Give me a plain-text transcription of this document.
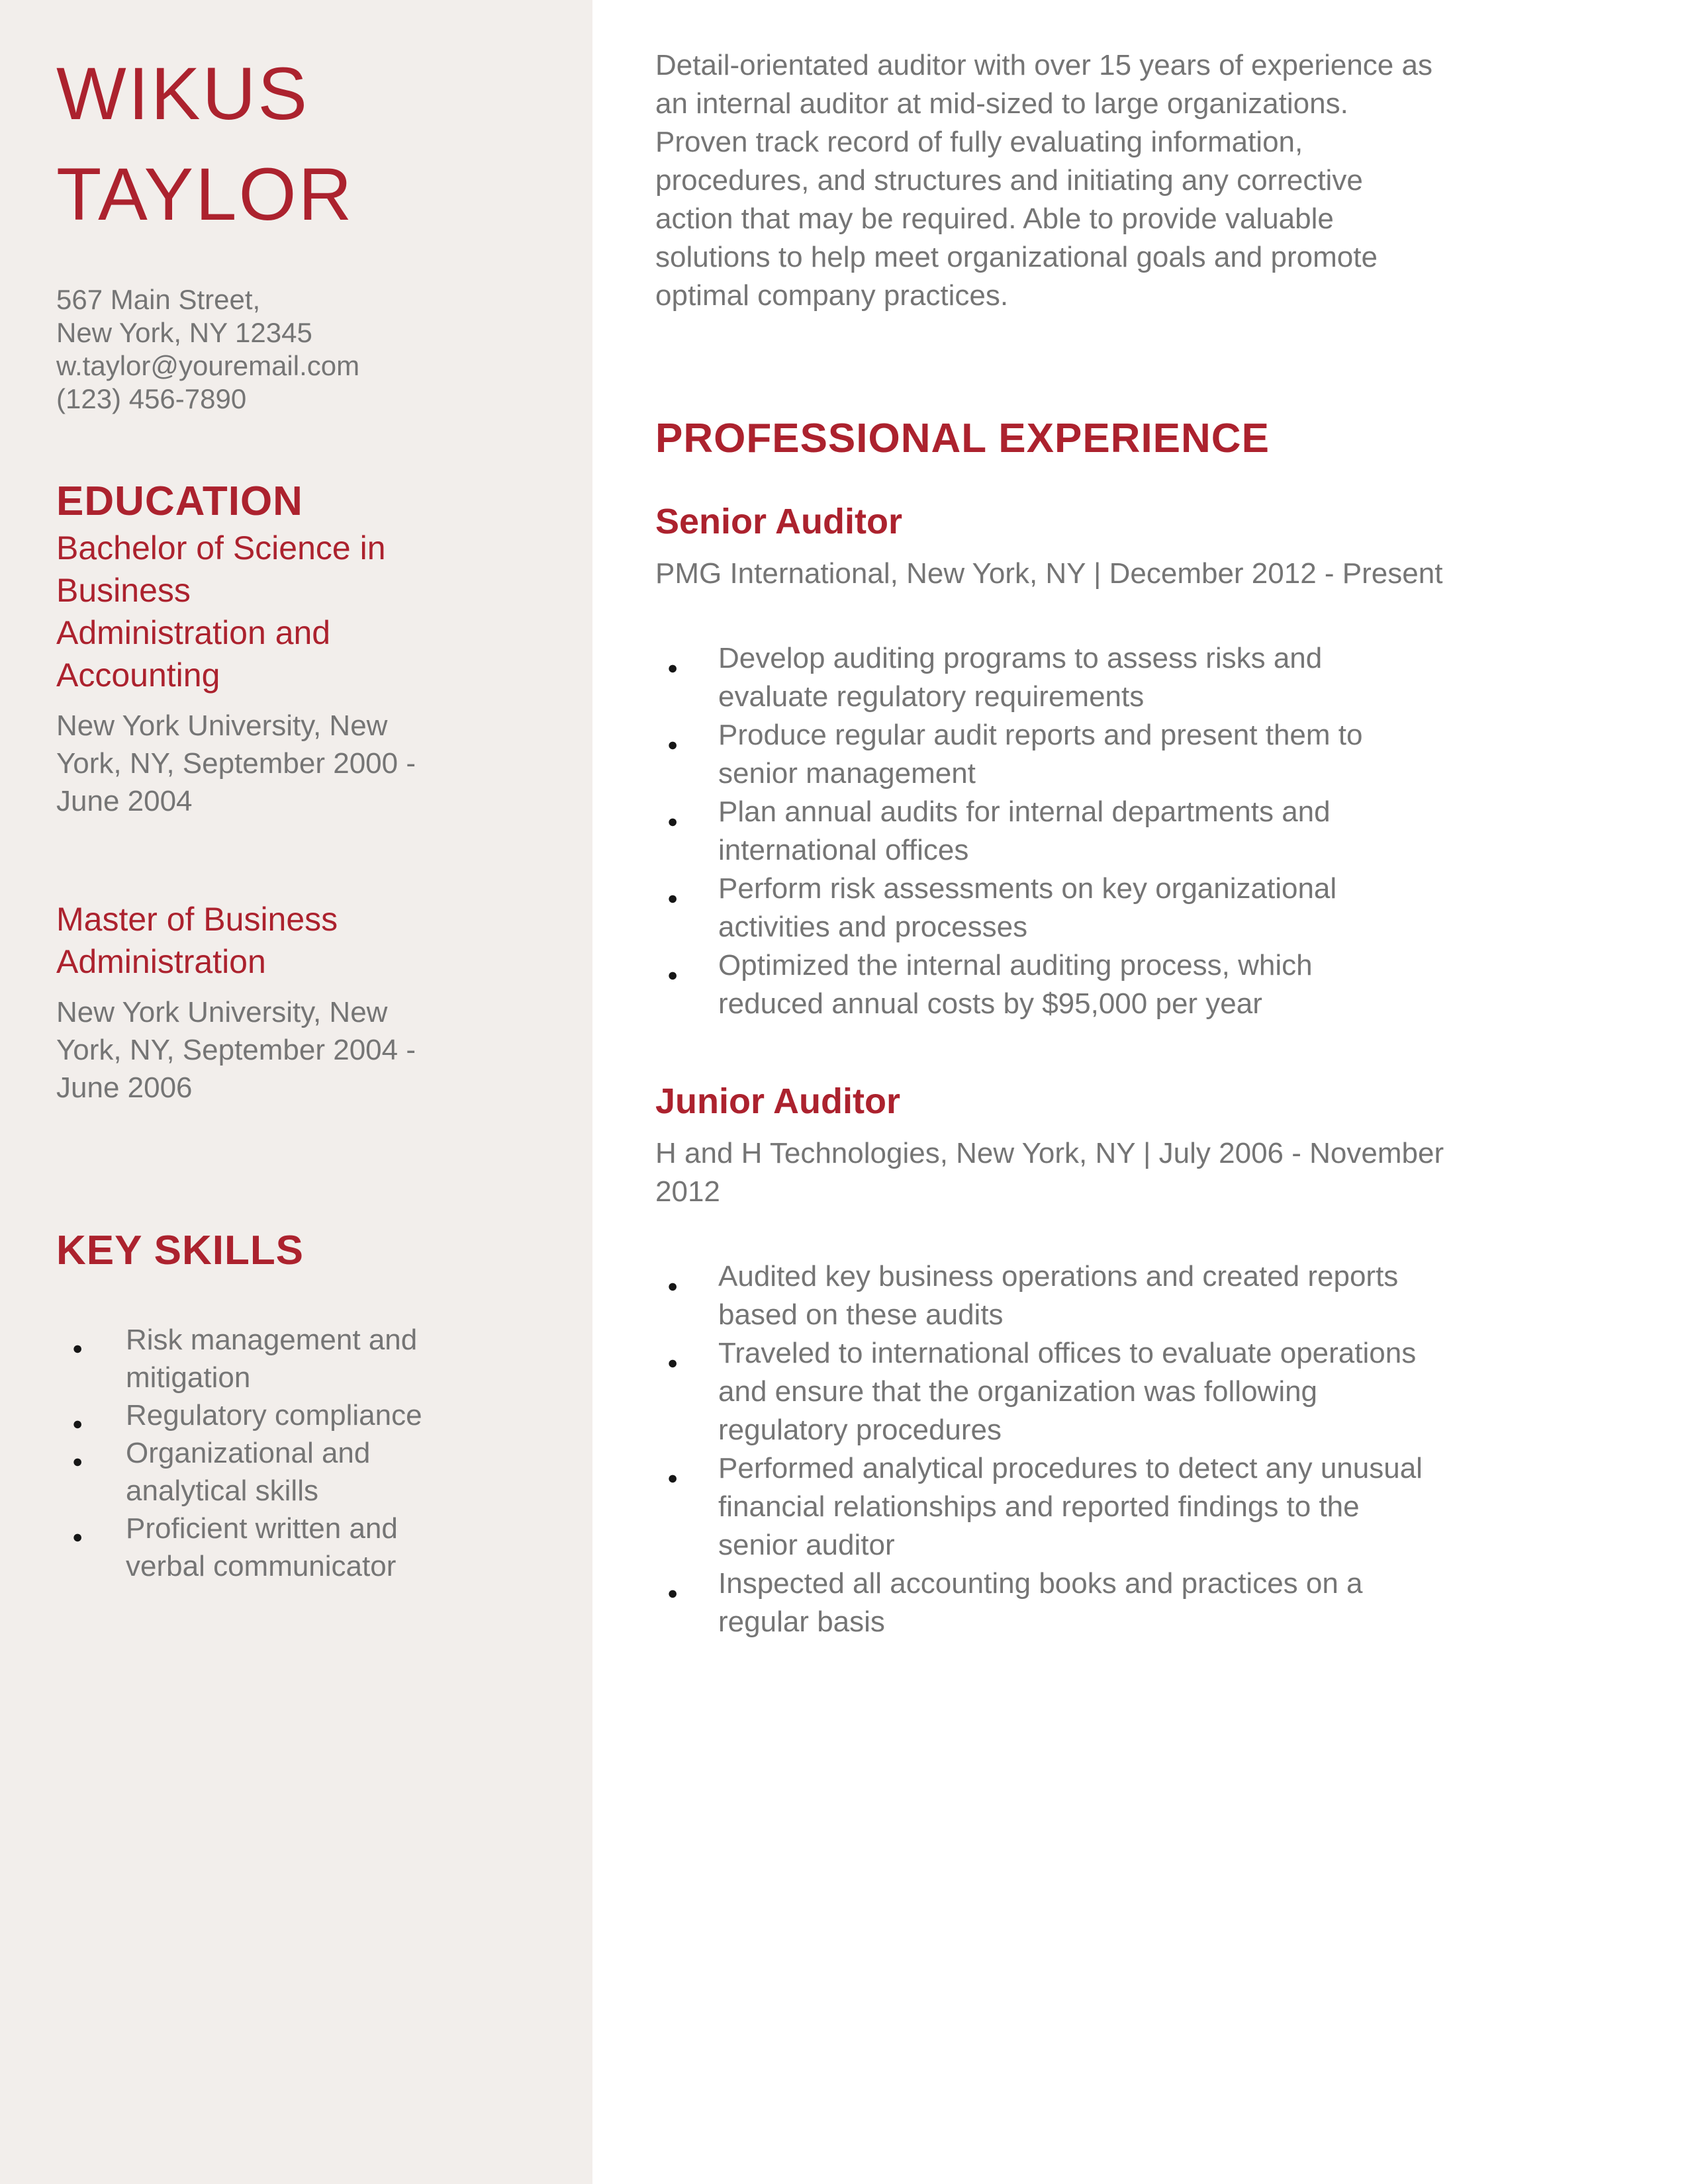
WIKUS
TAYLOR
567 Main Street,
New York, NY 12345
w.taylor@youremail.com
(123) 456-7890
EDUCATION
Bachelor of Science in Business Administration and Accounting

New York University, New York, NY, September 2000 - June 2004

Master of Business Administration

New York University, New York, NY, September 2004 - June 2006

KEY SKILLS
● Risk management and mitigation
● Regulatory compliance
● Organizational and analytical skills
● Proficient written and verbal communicator

Detail-orientated auditor with over 15 years of experience as an internal auditor at mid-sized to large organizations. Proven track record of fully evaluating information, procedures, and structures and initiating any corrective action that may be required. Able to provide valuable solutions to help meet organizational goals and promote optimal company practices.

PROFESSIONAL EXPERIENCE
Senior Auditor

PMG International, New York, NY | December 2012 - Present

● Develop auditing programs to assess risks and evaluate regulatory requirements
● Produce regular audit reports and present them to senior management
● Plan annual audits for internal departments and international offices
● Perform risk assessments on key organizational activities and processes
● Optimized the internal auditing process, which reduced annual costs by $95,000 per year
Junior Auditor

H and H Technologies, New York, NY | July 2006 - November 2012

● Audited key business operations and created reports based on these audits
● Traveled to international offices to evaluate operations and ensure that the organization was following regulatory procedures
● Performed analytical procedures to detect any unusual financial relationships and reported findings to the senior auditor
● Inspected all accounting books and practices on a regular basis
